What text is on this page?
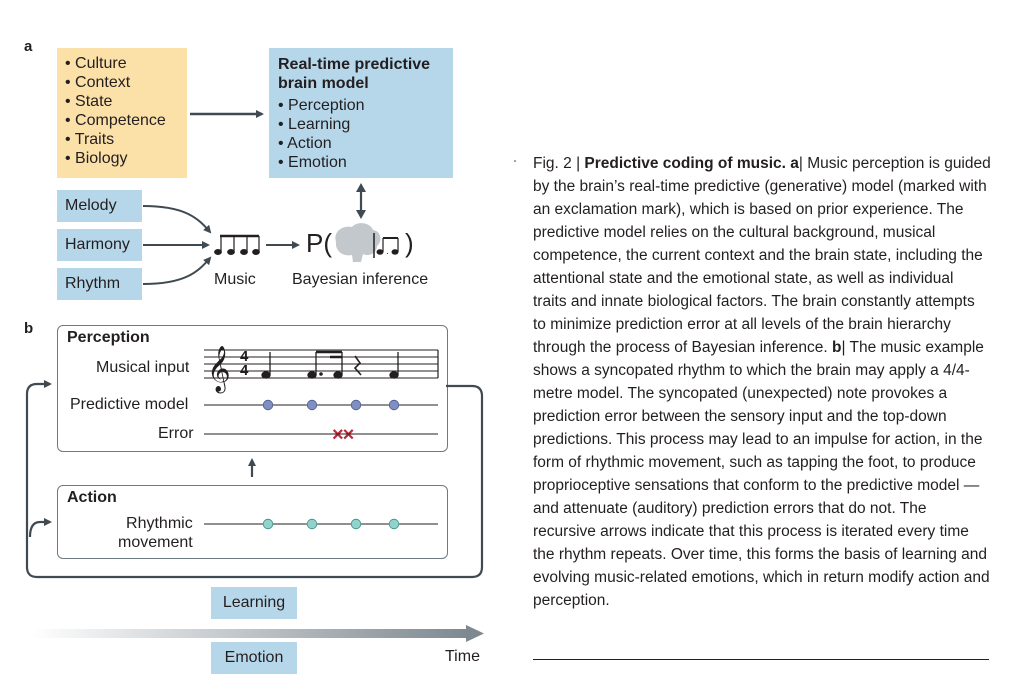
a
• Culture
• Context
• State
• Competence
• Traits
• Biology
Real-time predictive
brain model
• Perception
• Learning
• Action
• Emotion
Melody
Harmony
Rhythm	Music Bayesian inference
P(	)
.
b
Perception
Musical input
Predictive model
Error
Action
Rhythmic
movement
Learning
Emotion	Time
4
4
××
𝄞
Fig. 2 | Predictive coding of music. a| Music perception is guided by the brain’s real-time predictive (generative) model (marked with an exclamation mark), which is based on prior experience. The predictive model relies on the cultural background, musical competence, the current context and the brain state, including the attentional state and the emotional state, as well as individual traits and innate biological factors. The brain constantly attempts to minimize prediction error at all levels of the brain hierarchy through the process of Bayesian inference. b| The music example shows a syncopated rhythm to which the brain may apply a 4/4-metre model. The syncopated (unexpected) note provokes a prediction error between the sensory input and the top-down predictions. This process may lead to an impulse for action, in the form of rhythmic movement, such as tapping the foot, to produce proprioceptive sensations that conform to the predictive model — and attenuate (auditory) prediction errors that do not. The recursive arrows indicate that this process is iterated every time the rhythm repeats. Over time, this forms the basis of learning and evolving music-related emotions, which in return modify action and perception.
